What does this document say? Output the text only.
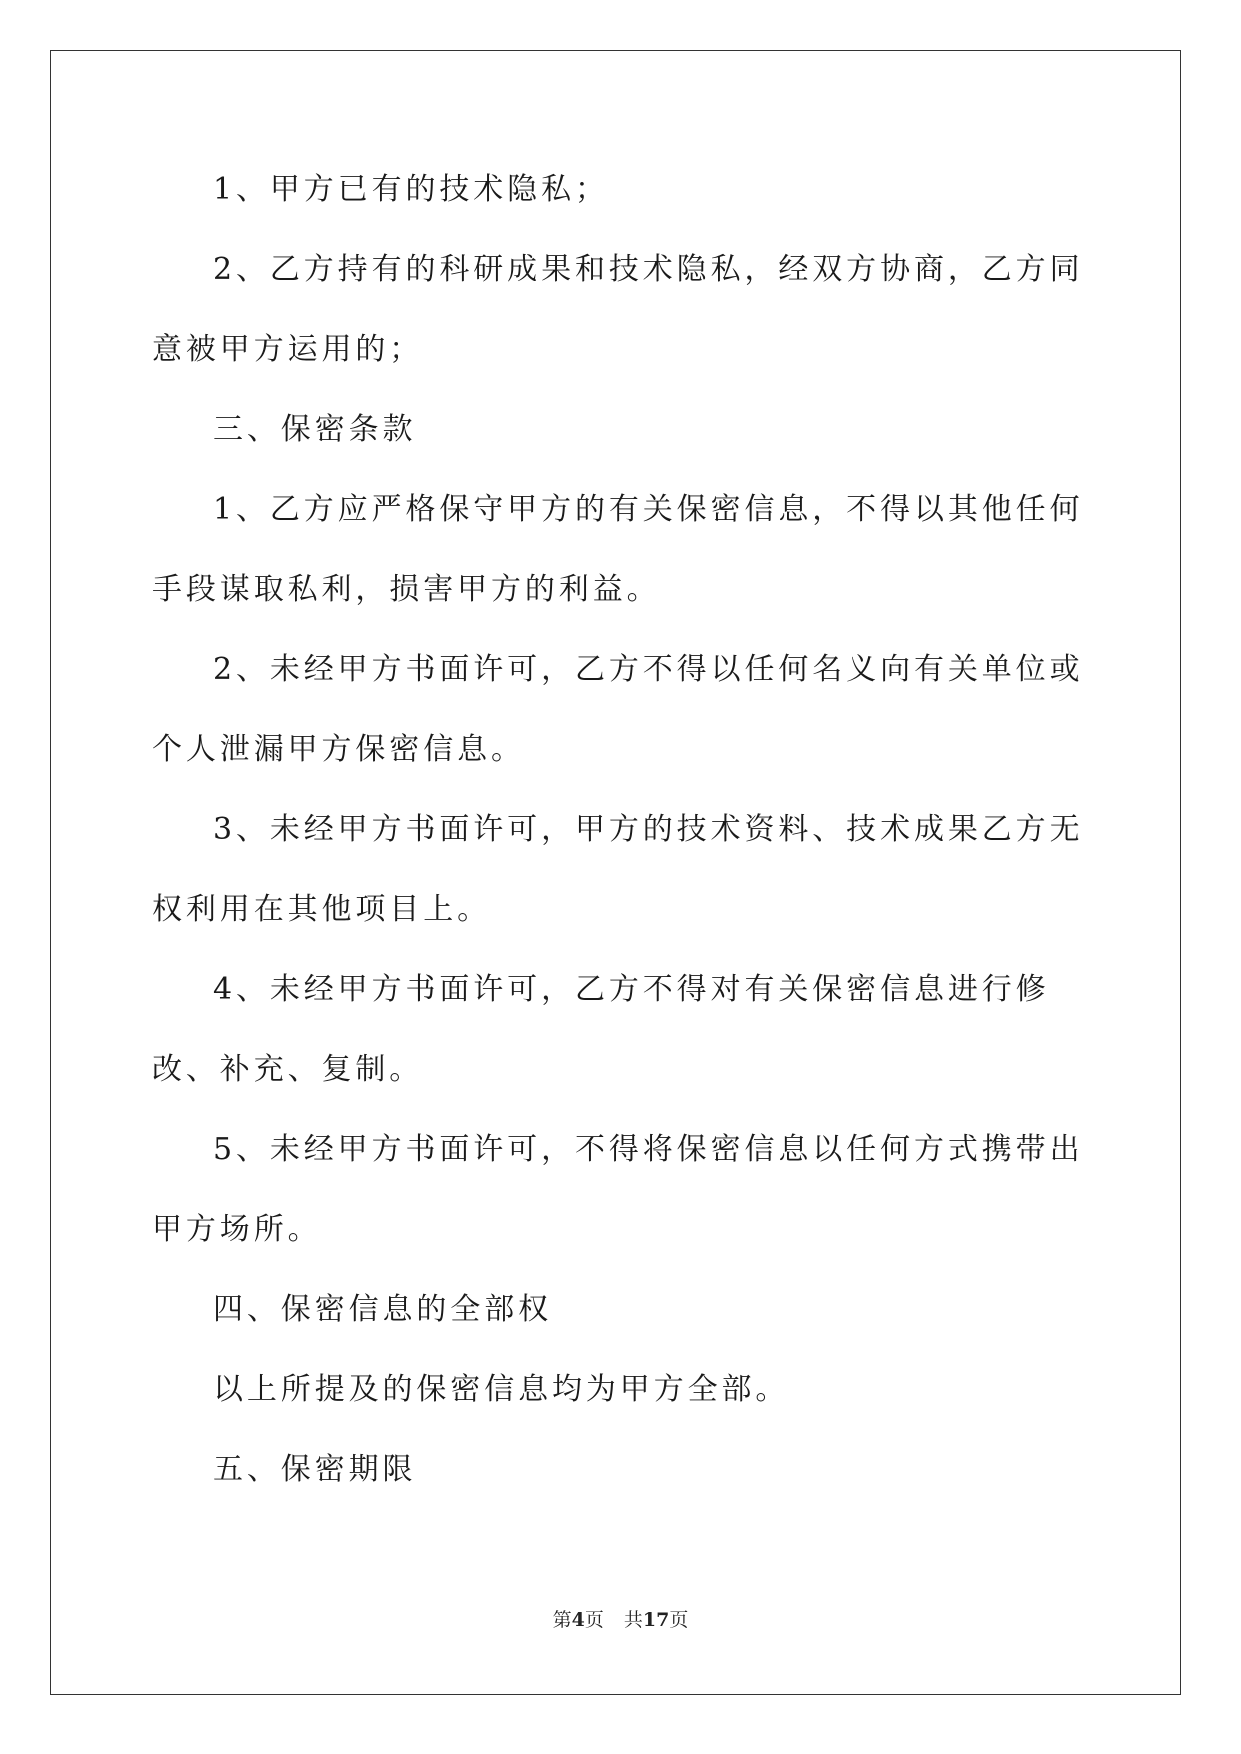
1、甲方已有的技术隐私；

2、乙方持有的科研成果和技术隐私，经双方协商，乙方同意被甲方运用的；

三、保密条款

1、乙方应严格保守甲方的有关保密信息，不得以其他任何手段谋取私利，损害甲方的利益。

2、未经甲方书面许可，乙方不得以任何名义向有关单位或个人泄漏甲方保密信息。

3、未经甲方书面许可，甲方的技术资料、技术成果乙方无权利用在其他项目上。

4、未经甲方书面许可，乙方不得对有关保密信息进行修改、补充、复制。

5、未经甲方书面许可，不得将保密信息以任何方式携带出甲方场所。

四、保密信息的全部权

以上所提及的保密信息均为甲方全部。

五、保密期限

第4页 共17页
